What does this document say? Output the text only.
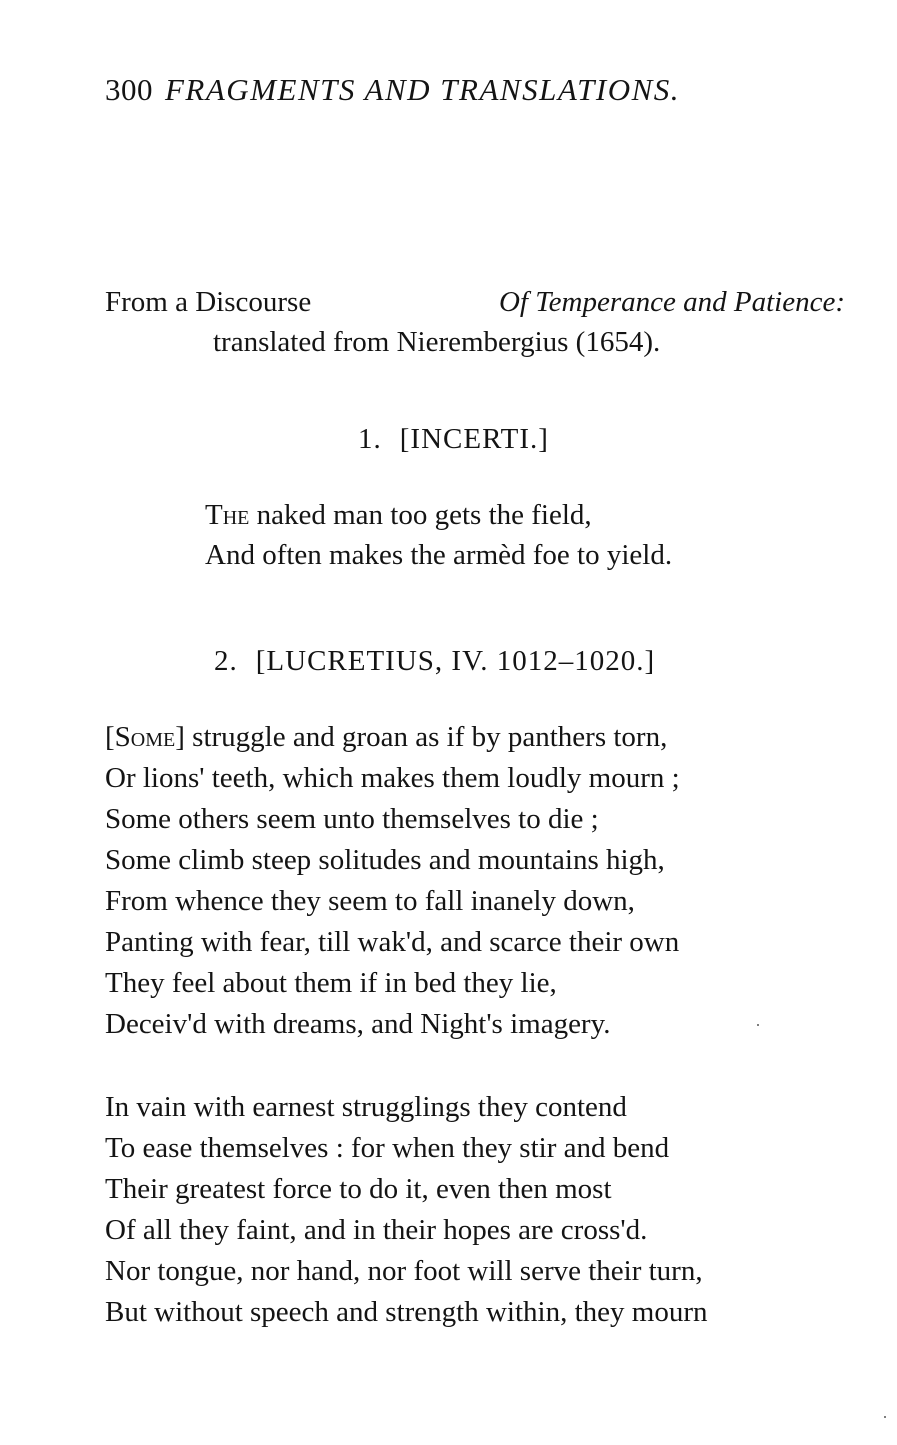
300 FRAGMENTS AND TRANSLATIONS.
From a Discourse	Of Temperance and Patience:
translated from Nierembergius (1654).
1. [INCERTI.]
The naked man too gets the field,
And often makes the armèd foe to yield.
2. [LUCRETIUS, IV. 1012–1020.]
[Some] struggle and groan as if by panthers torn,
Or lions' teeth, which makes them loudly mourn ;
Some others seem unto themselves to die ;
Some climb steep solitudes and mountains high,
From whence they seem to fall inanely down,
Panting with fear, till wak'd, and scarce their own
They feel about them if in bed they lie,
Deceiv'd with dreams, and Night's imagery.
In vain with earnest strugglings they contend
To ease themselves : for when they stir and bend
Their greatest force to do it, even then most
Of all they faint, and in their hopes are cross'd.
Nor tongue, nor hand, nor foot will serve their turn,
But without speech and strength within, they mourn
